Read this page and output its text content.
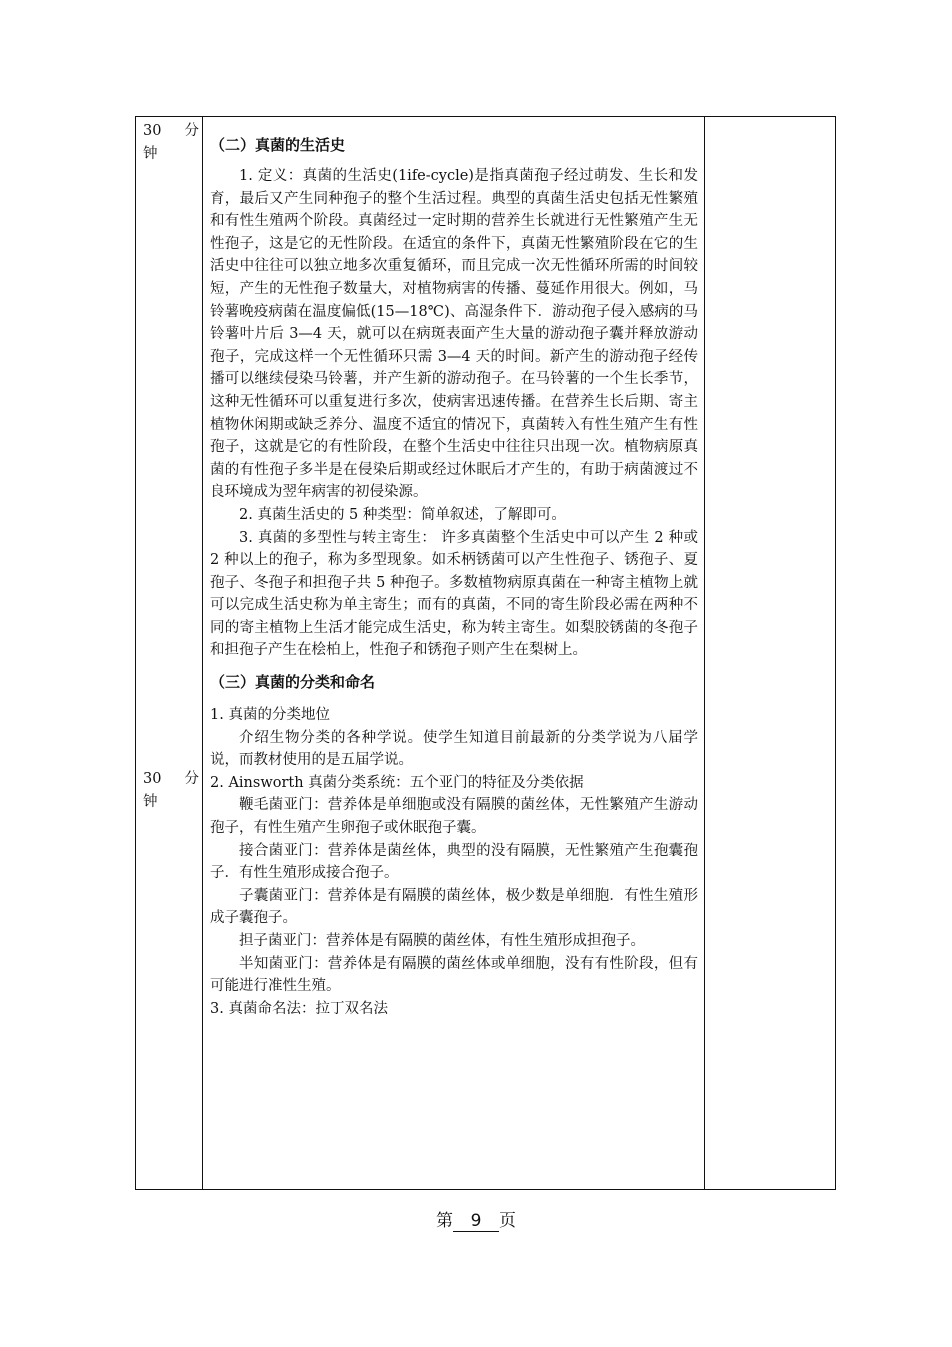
30 分
钟
30 分
钟

（二）真菌的生活史

1. 定义：真菌的生活史(1ife-cycle)是指真菌孢子经过萌发、生长和发育，最后又产生同种孢子的整个生活过程。典型的真菌生活史包括无性繁殖和有性生殖两个阶段。真菌经过一定时期的营养生长就进行无性繁殖产生无性孢子，这是它的无性阶段。在适宜的条件下，真菌无性繁殖阶段在它的生活史中往往可以独立地多次重复循环，而且完成一次无性循环所需的时间较短，产生的无性孢子数量大，对植物病害的传播、蔓延作用很大。例如，马铃薯晚疫病菌在温度偏低(15—18℃)、高湿条件下．游动孢子侵入感病的马铃薯叶片后 3—4 天，就可以在病斑表面产生大量的游动孢子囊并释放游动孢子，完成这样一个无性循环只需 3—4 天的时间。新产生的游动孢子经传播可以继续侵染马铃薯，并产生新的游动孢子。在马铃薯的一个生长季节，这种无性循环可以重复进行多次，使病害迅速传播。在营养生长后期、寄主植物休闲期或缺乏养分、温度不适宜的情况下，真菌转入有性生殖产生有性孢子，这就是它的有性阶段，在整个生活史中往往只出现一次。植物病原真菌的有性孢子多半是在侵染后期或经过休眠后才产生的，有助于病菌渡过不良环境成为翌年病害的初侵染源。

2. 真菌生活史的 5 种类型：简单叙述，了解即可。

3. 真菌的多型性与转主寄生： 许多真菌整个生活史中可以产生 2 种或 2 种以上的孢子，称为多型现象。如禾柄锈菌可以产生性孢子、锈孢子、夏孢子、冬孢子和担孢子共 5 种孢子。多数植物病原真菌在一种寄主植物上就可以完成生活史称为单主寄生；而有的真菌，不同的寄生阶段必需在两种不同的寄主植物上生活才能完成生活史，称为转主寄生。如梨胶锈菌的冬孢子和担孢子产生在桧柏上，性孢子和锈孢子则产生在梨树上。

（三）真菌的分类和命名

1. 真菌的分类地位

介绍生物分类的各种学说。使学生知道目前最新的分类学说为八届学说，而教材使用的是五届学说。

2. Ainsworth 真菌分类系统：五个亚门的特征及分类依据

鞭毛菌亚门：营养体是单细胞或没有隔膜的菌丝体，无性繁殖产生游动孢子，有性生殖产生卵孢子或休眠孢子囊。

接合菌亚门：营养体是菌丝体，典型的没有隔膜，无性繁殖产生孢囊孢子．有性生殖形成接合孢子。

子囊菌亚门：营养体是有隔膜的菌丝体，极少数是单细胞．有性生殖形成子囊孢子。

担子菌亚门：营养体是有隔膜的菌丝体，有性生殖形成担孢子。

半知菌亚门：营养体是有隔膜的菌丝体或单细胞，没有有性阶段，但有可能进行准性生殖。

3. 真菌命名法：拉丁双名法

第 9 页
